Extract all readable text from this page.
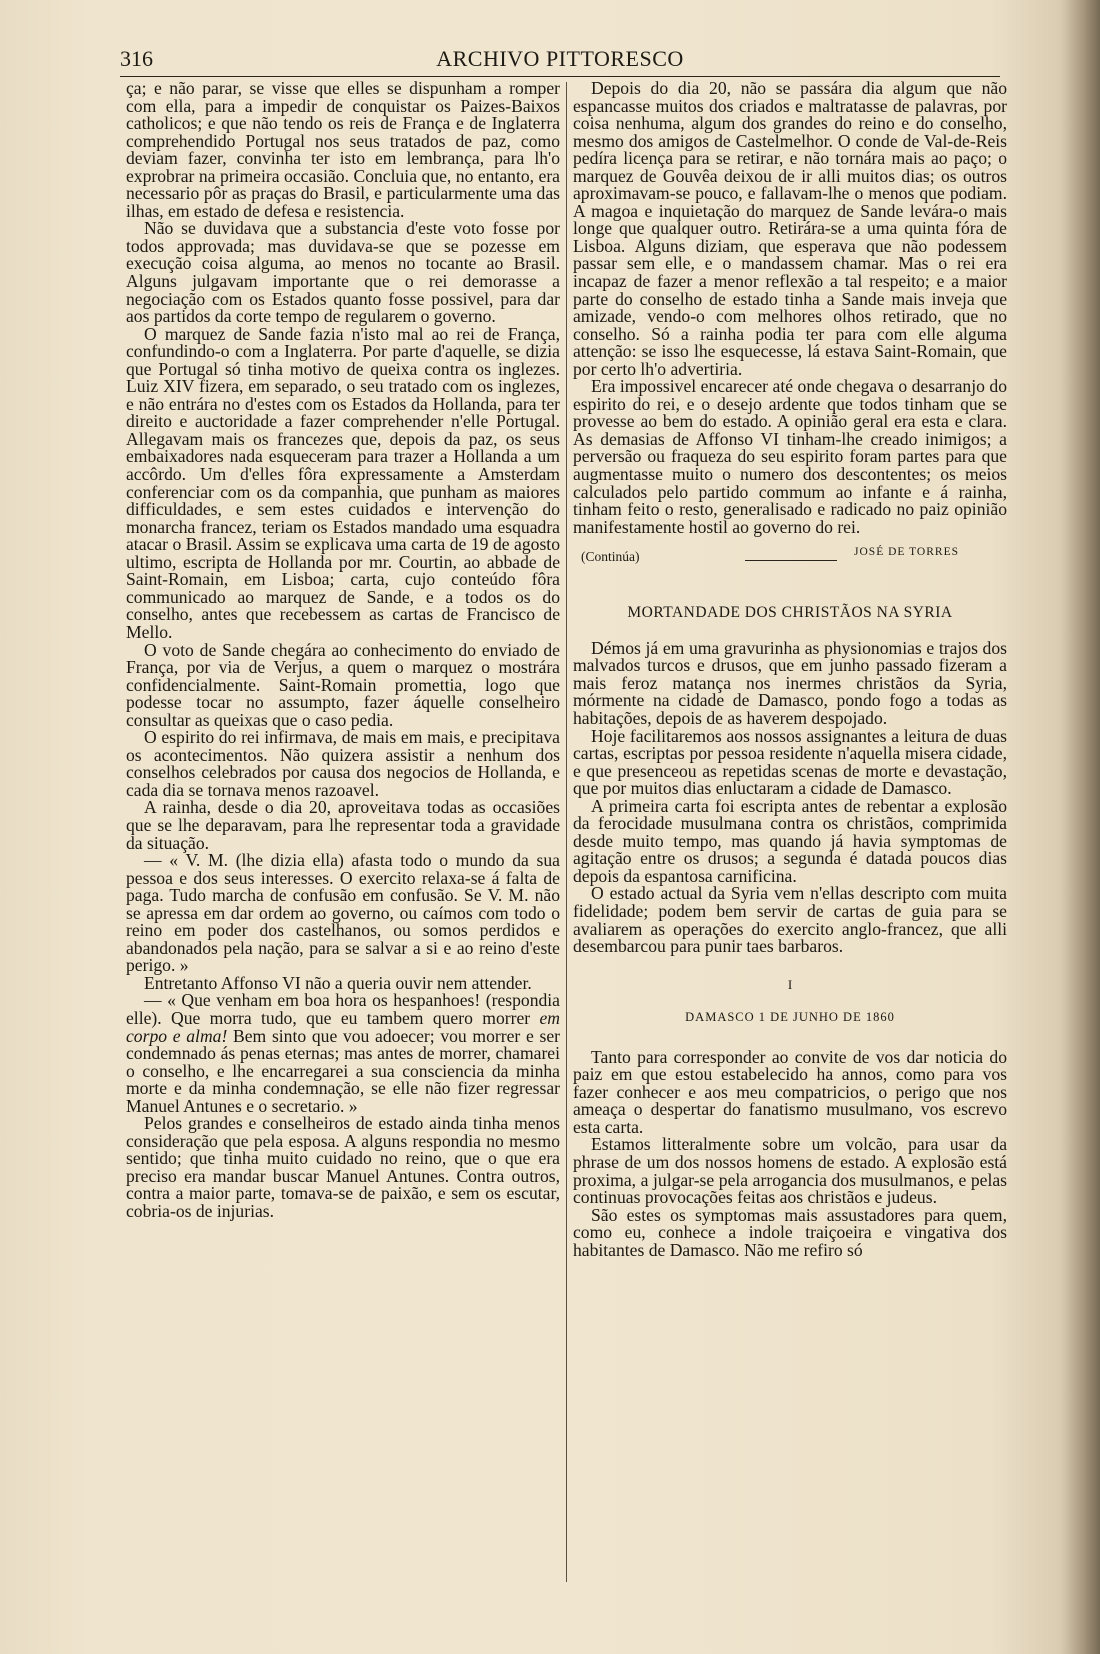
316	ARCHIVO PITTORESCO

ça; e não parar, se visse que elles se dispunham a romper com ella, para a impedir de conquistar os Paizes-Baixos catholicos; e que não tendo os reis de França e de Inglaterra comprehendido Portugal nos seus tratados de paz, como deviam fazer, convinha ter isto em lembrança, para lh'o exprobrar na primeira occasião. Concluia que, no entanto, era necessario pôr as praças do Brasil, e particularmente uma das ilhas, em estado de defesa e resistencia.

Não se duvidava que a substancia d'este voto fosse por todos approvada; mas duvidava-se que se pozesse em execução coisa alguma, ao menos no tocante ao Brasil. Alguns julgavam importante que o rei demorasse a negociação com os Estados quanto fosse possivel, para dar aos partidos da corte tempo de regularem o governo.

O marquez de Sande fazia n'isto mal ao rei de França, confundindo-o com a Inglaterra. Por parte d'aquelle, se dizia que Portugal só tinha motivo de queixa contra os inglezes. Luiz XIV fizera, em separado, o seu tratado com os inglezes, e não entrára no d'estes com os Estados da Hollanda, para ter direito e auctoridade a fazer comprehender n'elle Portugal. Allegavam mais os francezes que, depois da paz, os seus embaixadores nada esqueceram para trazer a Hollanda a um accôrdo. Um d'elles fôra expressamente a Amsterdam conferenciar com os da companhia, que punham as maiores difficuldades, e sem estes cuidados e intervenção do monarcha francez, teriam os Estados mandado uma esquadra atacar o Brasil. Assim se explicava uma carta de 19 de agosto ultimo, escripta de Hollanda por mr. Courtin, ao abbade de Saint-Romain, em Lisboa; carta, cujo conteúdo fôra communicado ao marquez de Sande, e a todos os do conselho, antes que recebessem as cartas de Francisco de Mello.

O voto de Sande chegára ao conhecimento do enviado de França, por via de Verjus, a quem o marquez o mostrára confidencialmente. Saint-Romain promettia, logo que podesse tocar no assumpto, fazer áquelle conselheiro consultar as queixas que o caso pedia.

O espirito do rei infirmava, de mais em mais, e precipitava os acontecimentos. Não quizera assistir a nenhum dos conselhos celebrados por causa dos negocios de Hollanda, e cada dia se tornava menos razoavel.

A rainha, desde o dia 20, aproveitava todas as occasiões que se lhe deparavam, para lhe representar toda a gravidade da situação.

— « V. M. (lhe dizia ella) afasta todo o mundo da sua pessoa e dos seus interesses. O exercito relaxa-se á falta de paga. Tudo marcha de confusão em confusão. Se V. M. não se apressa em dar ordem ao governo, ou caímos com todo o reino em poder dos castelhanos, ou somos perdidos e abandonados pela nação, para se salvar a si e ao reino d'este perigo. »

Entretanto Affonso VI não a queria ouvir nem attender.

— « Que venham em boa hora os hespanhoes! (respondia elle). Que morra tudo, que eu tambem quero morrer em corpo e alma! Bem sinto que vou adoecer; vou morrer e ser condemnado ás penas eternas; mas antes de morrer, chamarei o conselho, e lhe encarregarei a sua consciencia da minha morte e da minha condemnação, se elle não fizer regressar Manuel Antunes e o secretario. »

Pelos grandes e conselheiros de estado ainda tinha menos consideração que pela esposa. A alguns respondia no mesmo sentido; que tinha muito cuidado no reino, que o que era preciso era mandar buscar Manuel Antunes. Contra outros, contra a maior parte, tomava-se de paixão, e sem os escutar, cobria-os de injurias.

Depois do dia 20, não se passára dia algum que não espancasse muitos dos criados e maltratasse de palavras, por coisa nenhuma, algum dos grandes do reino e do conselho, mesmo dos amigos de Castelmelhor. O conde de Val-de-Reis pedíra licença para se retirar, e não tornára mais ao paço; o marquez de Gouvêa deixou de ir alli muitos dias; os outros aproximavam-se pouco, e fallavam-lhe o menos que podiam. A magoa e inquietação do marquez de Sande levára-o mais longe que qualquer outro. Retirára-se a uma quinta fóra de Lisboa. Alguns diziam, que esperava que não podessem passar sem elle, e o mandassem chamar. Mas o rei era incapaz de fazer a menor reflexão a tal respeito; e a maior parte do conselho de estado tinha a Sande mais inveja que amizade, vendo-o com melhores olhos retirado, que no conselho. Só a rainha podia ter para com elle alguma attenção: se isso lhe esquecesse, lá estava Saint-Romain, que por certo lh'o advertiria.

Era impossivel encarecer até onde chegava o desarranjo do espirito do rei, e o desejo ardente que todos tinham que se provesse ao bem do estado. A opinião geral era esta e clara. As demasias de Affonso VI tinham-lhe creado inimigos; a perversão ou fraqueza do seu espirito foram partes para que augmentasse muito o numero dos descontentes; os meios calculados pelo partido commum ao infante e á rainha, tinham feito o resto, generalisado e radicado no paiz opinião manifestamente hostil ao governo do rei.

(Continúa)	JOSÉ DE TORRES
MORTANDADE DOS CHRISTÃOS NA SYRIA

Démos já em uma gravurinha as physionomias e trajos dos malvados turcos e drusos, que em junho passado fizeram a mais feroz matança nos inermes christãos da Syria, mórmente na cidade de Damasco, pondo fogo a todas as habitações, depois de as haverem despojado.

Hoje facilitaremos aos nossos assignantes a leitura de duas cartas, escriptas por pessoa residente n'aquella misera cidade, e que presenceou as repetidas scenas de morte e devastação, que por muitos dias enluctaram a cidade de Damasco.

A primeira carta foi escripta antes de rebentar a explosão da ferocidade musulmana contra os christãos, comprimida desde muito tempo, mas quando já havia symptomas de agitação entre os drusos; a segunda é datada poucos dias depois da espantosa carnificina.

O estado actual da Syria vem n'ellas descripto com muita fidelidade; podem bem servir de cartas de guia para se avaliarem as operações do exercito anglo-francez, que alli desembarcou para punir taes barbaros.

I
DAMASCO 1 DE JUNHO DE 1860

Tanto para corresponder ao convite de vos dar noticia do paiz em que estou estabelecido ha annos, como para vos fazer conhecer e aos meu compatricios, o perigo que nos ameaça o despertar do fanatismo musulmano, vos escrevo esta carta.

Estamos litteralmente sobre um volcão, para usar da phrase de um dos nossos homens de estado. A explosão está proxima, a julgar-se pela arrogancia dos musulmanos, e pelas continuas provocações feitas aos christãos e judeus.

São estes os symptomas mais assustadores para quem, como eu, conhece a indole traiçoeira e vingativa dos habitantes de Damasco. Não me refiro só
